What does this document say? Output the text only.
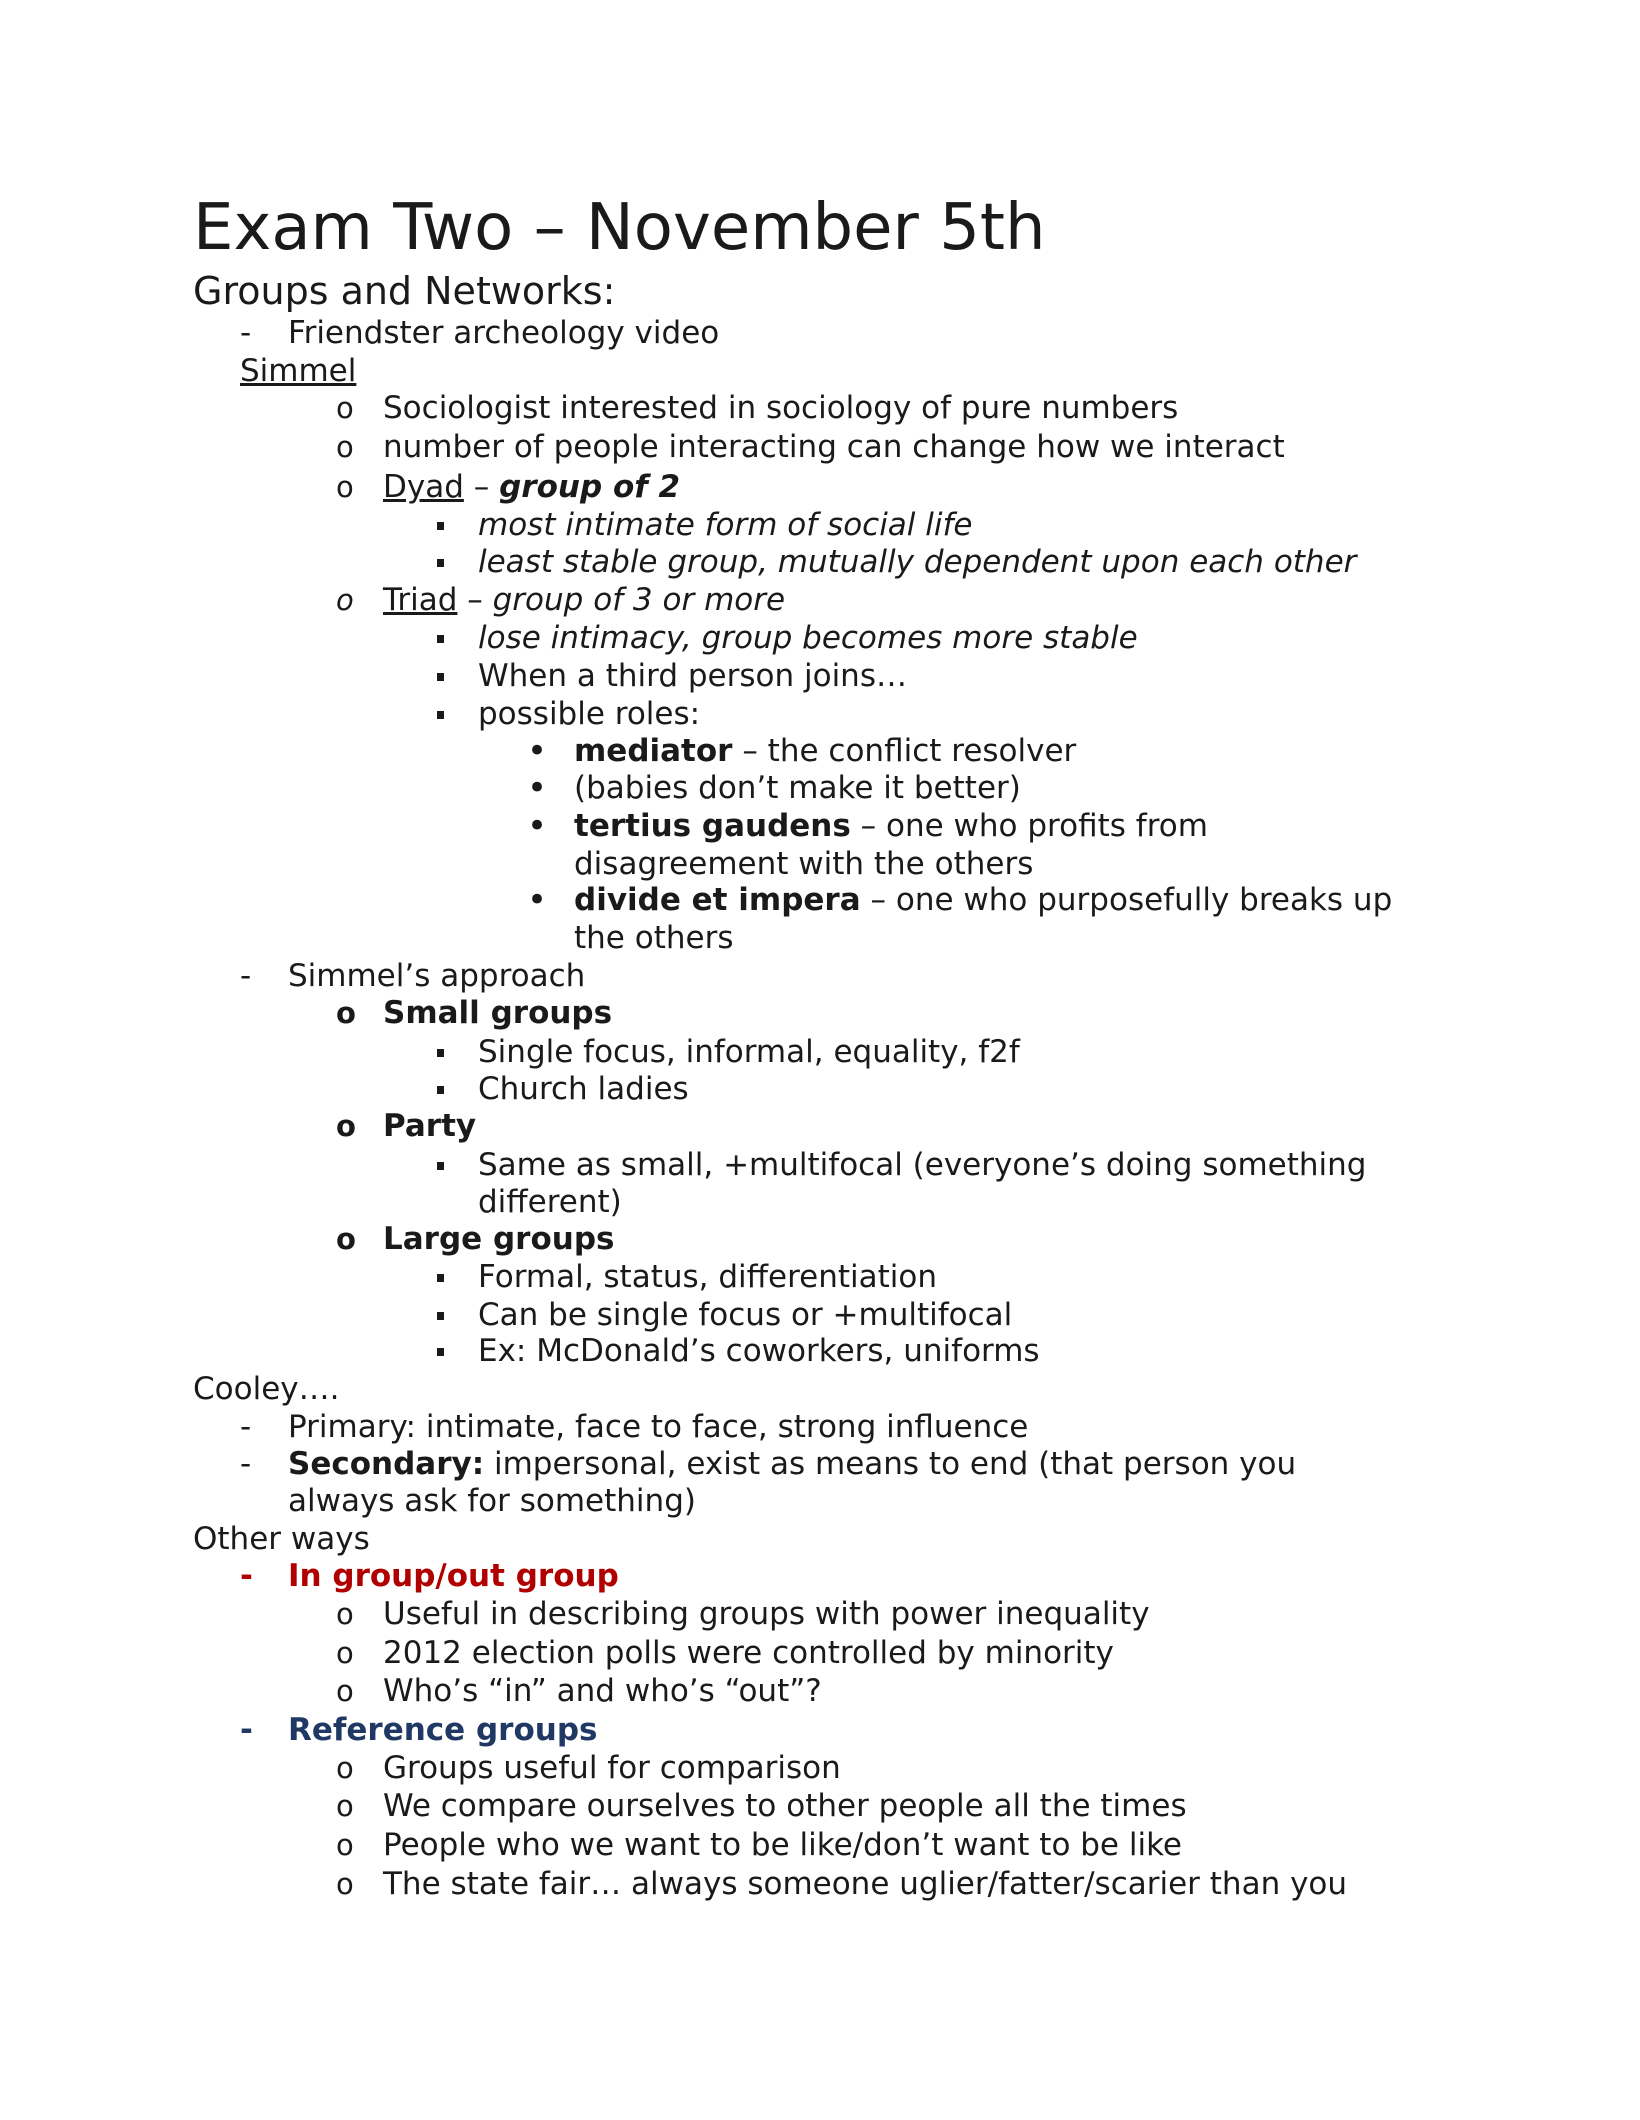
Exam Two – November 5th
Groups and Networks:
- Friendster archeology video
Simmel
o Sociologist interested in sociology of pure numbers
o number of people interacting can change how we interact
o Dyad – group of 2
most intimate form of social life
least stable group, mutually dependent upon each other
o Triad – group of 3 or more
lose intimacy, group becomes more stable
When a third person joins…
possible roles:
• mediator – the conflict resolver
• (babies don’t make it better)
• tertius gaudens – one who profits from
disagreement with the others
• divide et impera – one who purposefully breaks up
the others
- Simmel’s approach
o Small groups
Single focus, informal, equality, f2f
Church ladies
o Party
Same as small, +multifocal (everyone’s doing something
different)
o Large groups
Formal, status, differentiation
Can be single focus or +multifocal
Ex: McDonald’s coworkers, uniforms
Cooley….
- Primary: intimate, face to face, strong influence
- Secondary: impersonal, exist as means to end (that person you
always ask for something)
Other ways
- In group/out group
o Useful in describing groups with power inequality
o 2012 election polls were controlled by minority
o Who’s “in” and who’s “out”?
- Reference groups
o Groups useful for comparison
o We compare ourselves to other people all the times
o People who we want to be like/don’t want to be like
o The state fair… always someone uglier/fatter/scarier than you
